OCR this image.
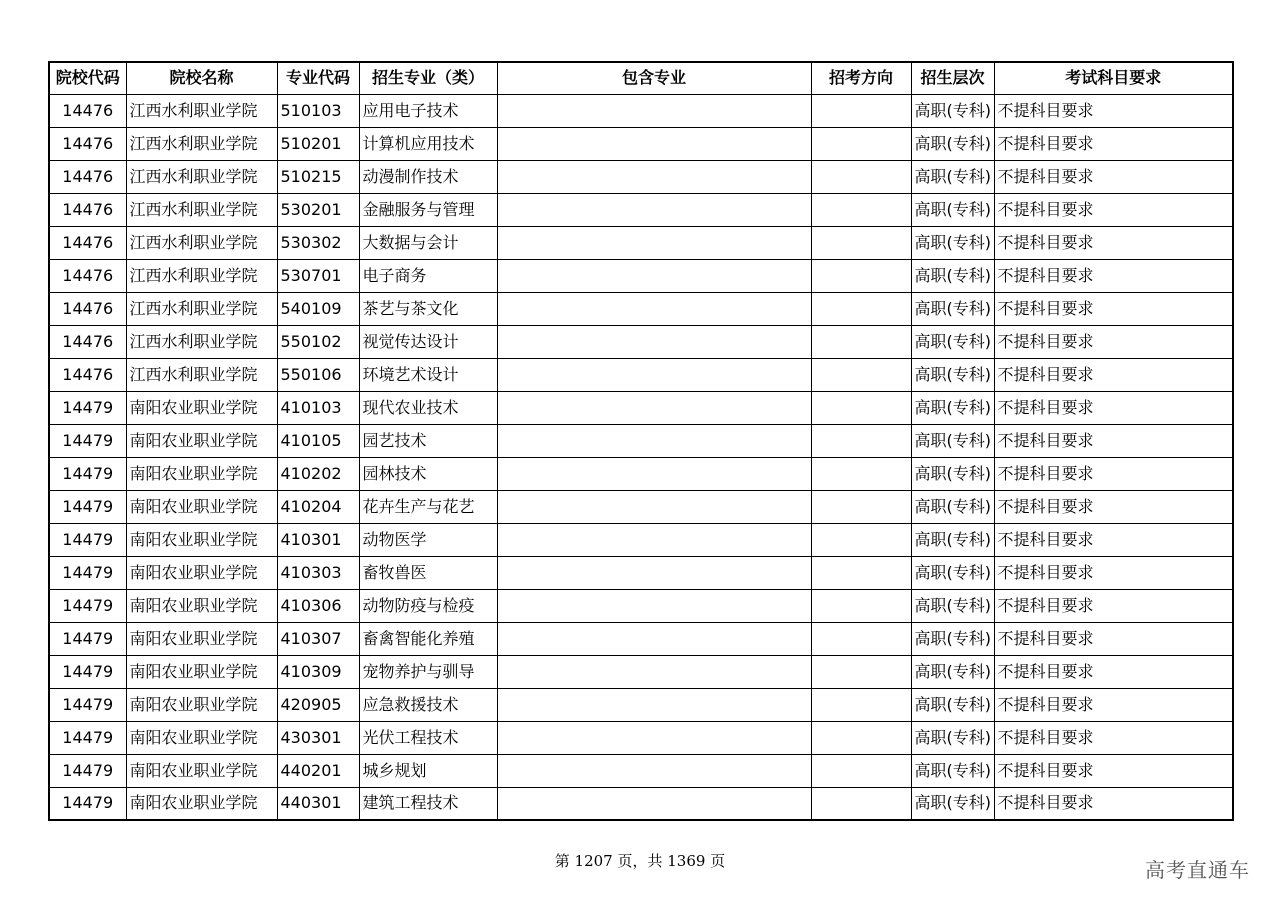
院校代码	院校名称	专业代码	招生专业（类）	包含专业	招考方向	招生层次	考试科目要求
14476	江西水利职业学院	510103	应用电子技术			高职(专科)	不提科目要求
14476	江西水利职业学院	510201	计算机应用技术			高职(专科)	不提科目要求
14476	江西水利职业学院	510215	动漫制作技术			高职(专科)	不提科目要求
14476	江西水利职业学院	530201	金融服务与管理			高职(专科)	不提科目要求
14476	江西水利职业学院	530302	大数据与会计			高职(专科)	不提科目要求
14476	江西水利职业学院	530701	电子商务			高职(专科)	不提科目要求
14476	江西水利职业学院	540109	茶艺与茶文化			高职(专科)	不提科目要求
14476	江西水利职业学院	550102	视觉传达设计			高职(专科)	不提科目要求
14476	江西水利职业学院	550106	环境艺术设计			高职(专科)	不提科目要求
14479	南阳农业职业学院	410103	现代农业技术			高职(专科)	不提科目要求
14479	南阳农业职业学院	410105	园艺技术			高职(专科)	不提科目要求
14479	南阳农业职业学院	410202	园林技术			高职(专科)	不提科目要求
14479	南阳农业职业学院	410204	花卉生产与花艺			高职(专科)	不提科目要求
14479	南阳农业职业学院	410301	动物医学			高职(专科)	不提科目要求
14479	南阳农业职业学院	410303	畜牧兽医			高职(专科)	不提科目要求
14479	南阳农业职业学院	410306	动物防疫与检疫			高职(专科)	不提科目要求
14479	南阳农业职业学院	410307	畜禽智能化养殖			高职(专科)	不提科目要求
14479	南阳农业职业学院	410309	宠物养护与驯导			高职(专科)	不提科目要求
14479	南阳农业职业学院	420905	应急救援技术			高职(专科)	不提科目要求
14479	南阳农业职业学院	430301	光伏工程技术			高职(专科)	不提科目要求
14479	南阳农业职业学院	440201	城乡规划			高职(专科)	不提科目要求
14479	南阳农业职业学院	440301	建筑工程技术			高职(专科)	不提科目要求
第 1207 页，共 1369 页	高考直通车
